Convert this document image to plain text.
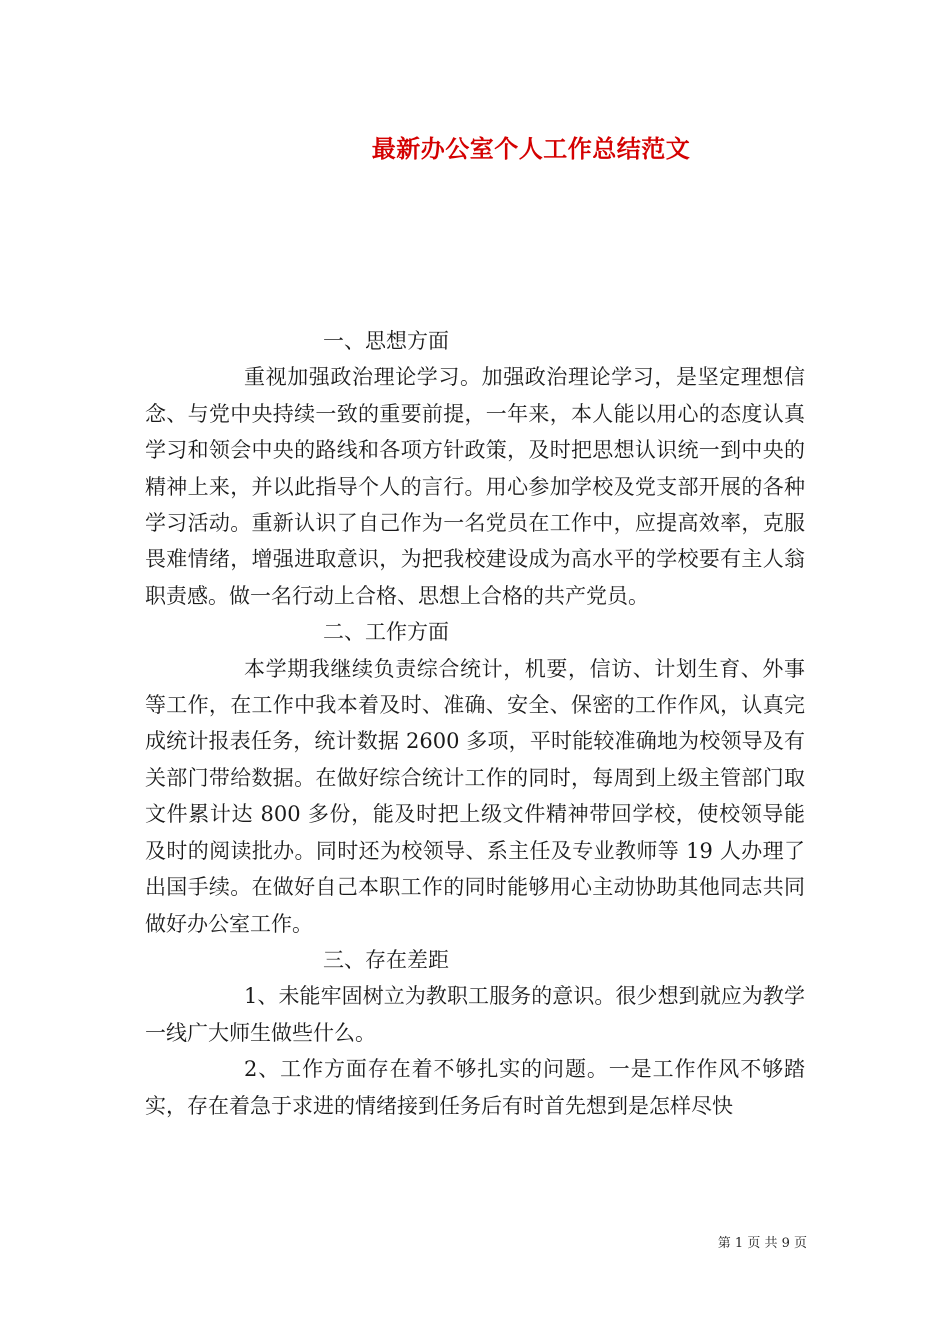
最新办公室个人工作总结范文

一、思想方面

重视加强政治理论学习。加强政治理论学习，是坚定理想信念、与党中央持续一致的重要前提，一年来，本人能以用心的态度认真学习和领会中央的路线和各项方针政策，及时把思想认识统一到中央的精神上来，并以此指导个人的言行。用心参加学校及党支部开展的各种学习活动。重新认识了自己作为一名党员在工作中，应提高效率，克服畏难情绪，增强进取意识，为把我校建设成为高水平的学校要有主人翁职责感。做一名行动上合格、思想上合格的共产党员。

二、工作方面

本学期我继续负责综合统计，机要，信访、计划生育、外事等工作，在工作中我本着及时、准确、安全、保密的工作作风，认真完成统计报表任务，统计数据 2600 多项，平时能较准确地为校领导及有关部门带给数据。在做好综合统计工作的同时，每周到上级主管部门取文件累计达 800 多份，能及时把上级文件精神带回学校，使校领导能及时的阅读批办。同时还为校领导、系主任及专业教师等 19 人办理了出国手续。在做好自己本职工作的同时能够用心主动协助其他同志共同做好办公室工作。

三、存在差距

1、未能牢固树立为教职工服务的意识。很少想到就应为教学一线广大师生做些什么。

2、工作方面存在着不够扎实的问题。一是工作作风不够踏实，存在着急于求进的情绪接到任务后有时首先想到是怎样尽快

第 1 页 共 9 页
